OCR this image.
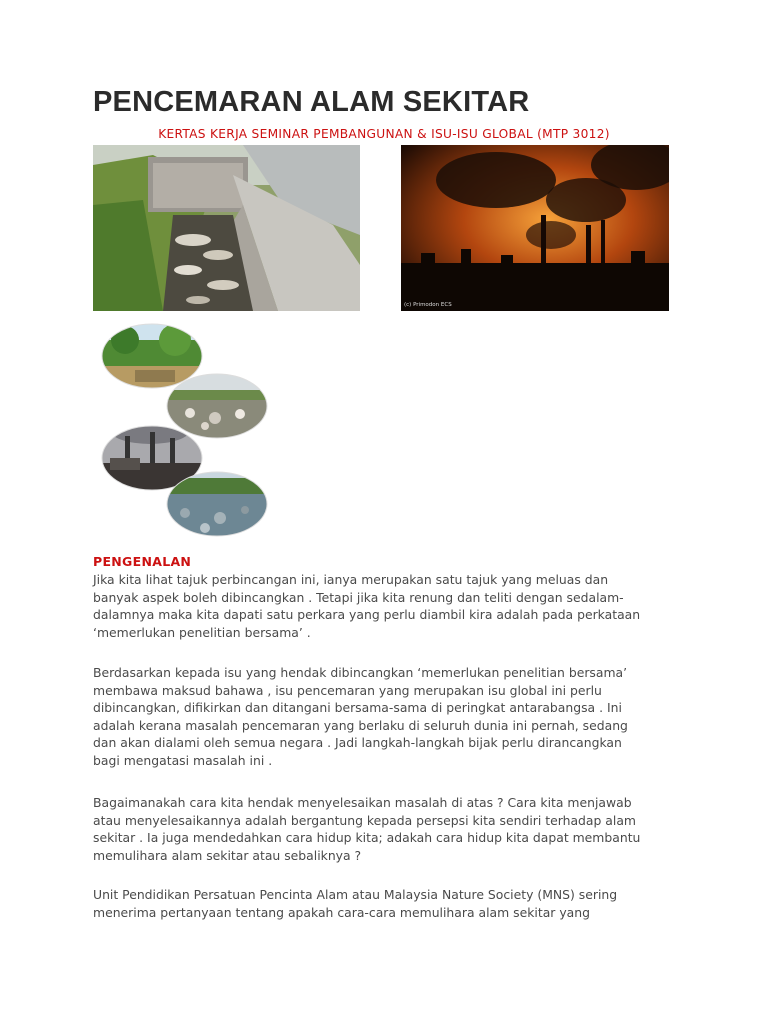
PENCEMARAN ALAM SEKITAR

KERTAS KERJA SEMINAR PEMBANGUNAN & ISU-ISU GLOBAL (MTP 3012)

(c) Primodon ECS
PENGENALAN

Jika kita lihat tajuk perbincangan ini, ianya merupakan satu tajuk yang meluas dan
banyak aspek boleh dibincangkan . Tetapi jika kita renung dan teliti dengan sedalam-
dalamnya maka kita dapati satu perkara yang perlu diambil kira adalah pada perkataan
‘memerlukan penelitian bersama’ .

Berdasarkan kepada isu yang hendak dibincangkan ‘memerlukan penelitian bersama’
membawa maksud bahawa , isu pencemaran yang merupakan isu global ini perlu
dibincangkan, difikirkan dan ditangani bersama-sama di peringkat antarabangsa . Ini
adalah kerana masalah pencemaran yang berlaku di seluruh dunia ini pernah, sedang
dan akan dialami oleh semua negara . Jadi langkah-langkah bijak perlu dirancangkan
bagi mengatasi masalah ini .

Bagaimanakah cara kita hendak menyelesaikan masalah di atas ? Cara kita menjawab
atau menyelesaikannya adalah bergantung kepada persepsi kita sendiri terhadap alam
sekitar . Ia juga mendedahkan cara hidup kita; adakah cara hidup kita dapat membantu
memulihara alam sekitar atau sebaliknya ?

Unit Pendidikan Persatuan Pencinta Alam atau Malaysia Nature Society (MNS) sering
menerima pertanyaan tentang apakah cara-cara memulihara alam sekitar yang
